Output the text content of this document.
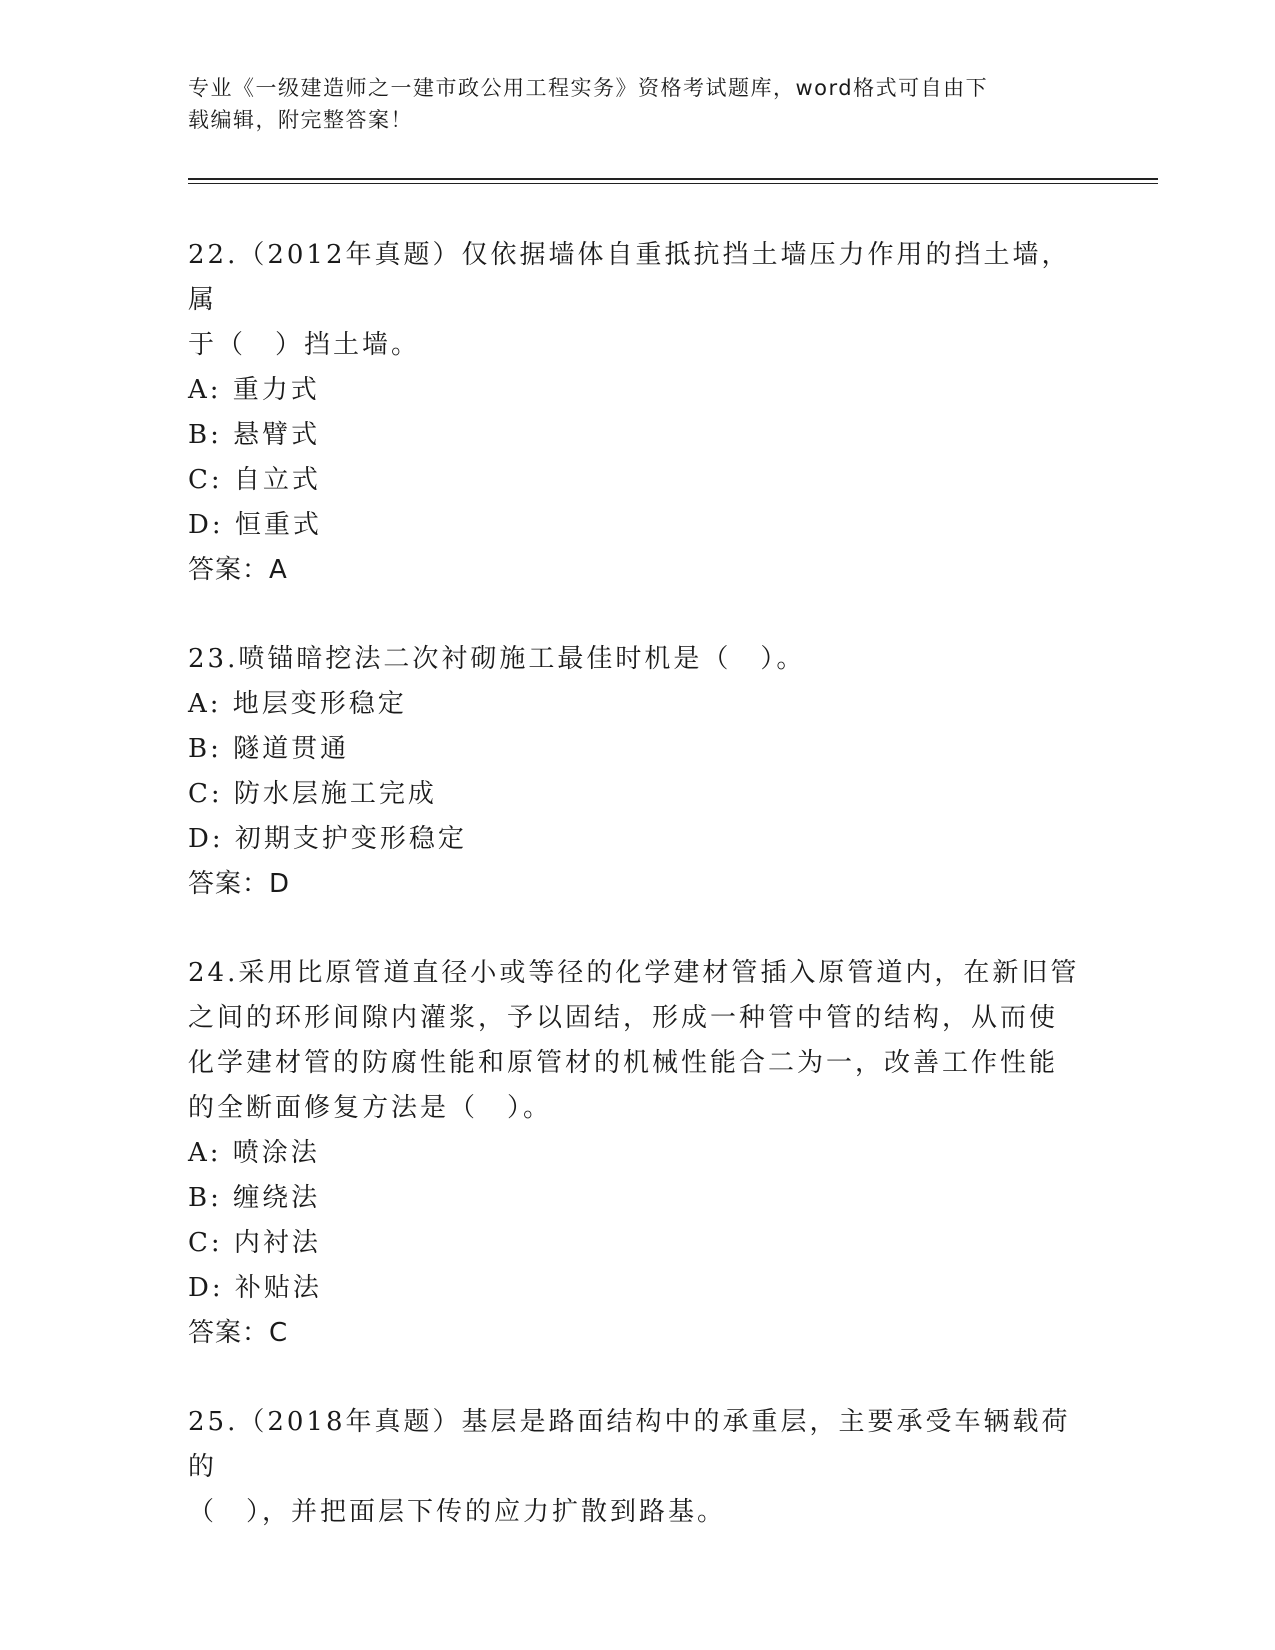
专业《一级建造师之一建市政公用工程实务》资格考试题库，word格式可自由下
载编辑，附完整答案！
22.（2012年真题）仅依据墙体自重抵抗挡土墙压力作用的挡土墙，属
于（　）挡土墙。
A: 重力式
B: 悬臂式
C: 自立式
D: 恒重式
答案：A
23.喷锚暗挖法二次衬砌施工最佳时机是（　）。
A: 地层变形稳定
B: 隧道贯通
C: 防水层施工完成
D: 初期支护变形稳定
答案：D
24.采用比原管道直径小或等径的化学建材管插入原管道内，在新旧管
之间的环形间隙内灌浆，予以固结，形成一种管中管的结构，从而使
化学建材管的防腐性能和原管材的机械性能合二为一，改善工作性能
的全断面修复方法是（　）。
A: 喷涂法
B: 缠绕法
C: 内衬法
D: 补贴法
答案：C
25.（2018年真题）基层是路面结构中的承重层，主要承受车辆载荷的
（　），并把面层下传的应力扩散到路基。
